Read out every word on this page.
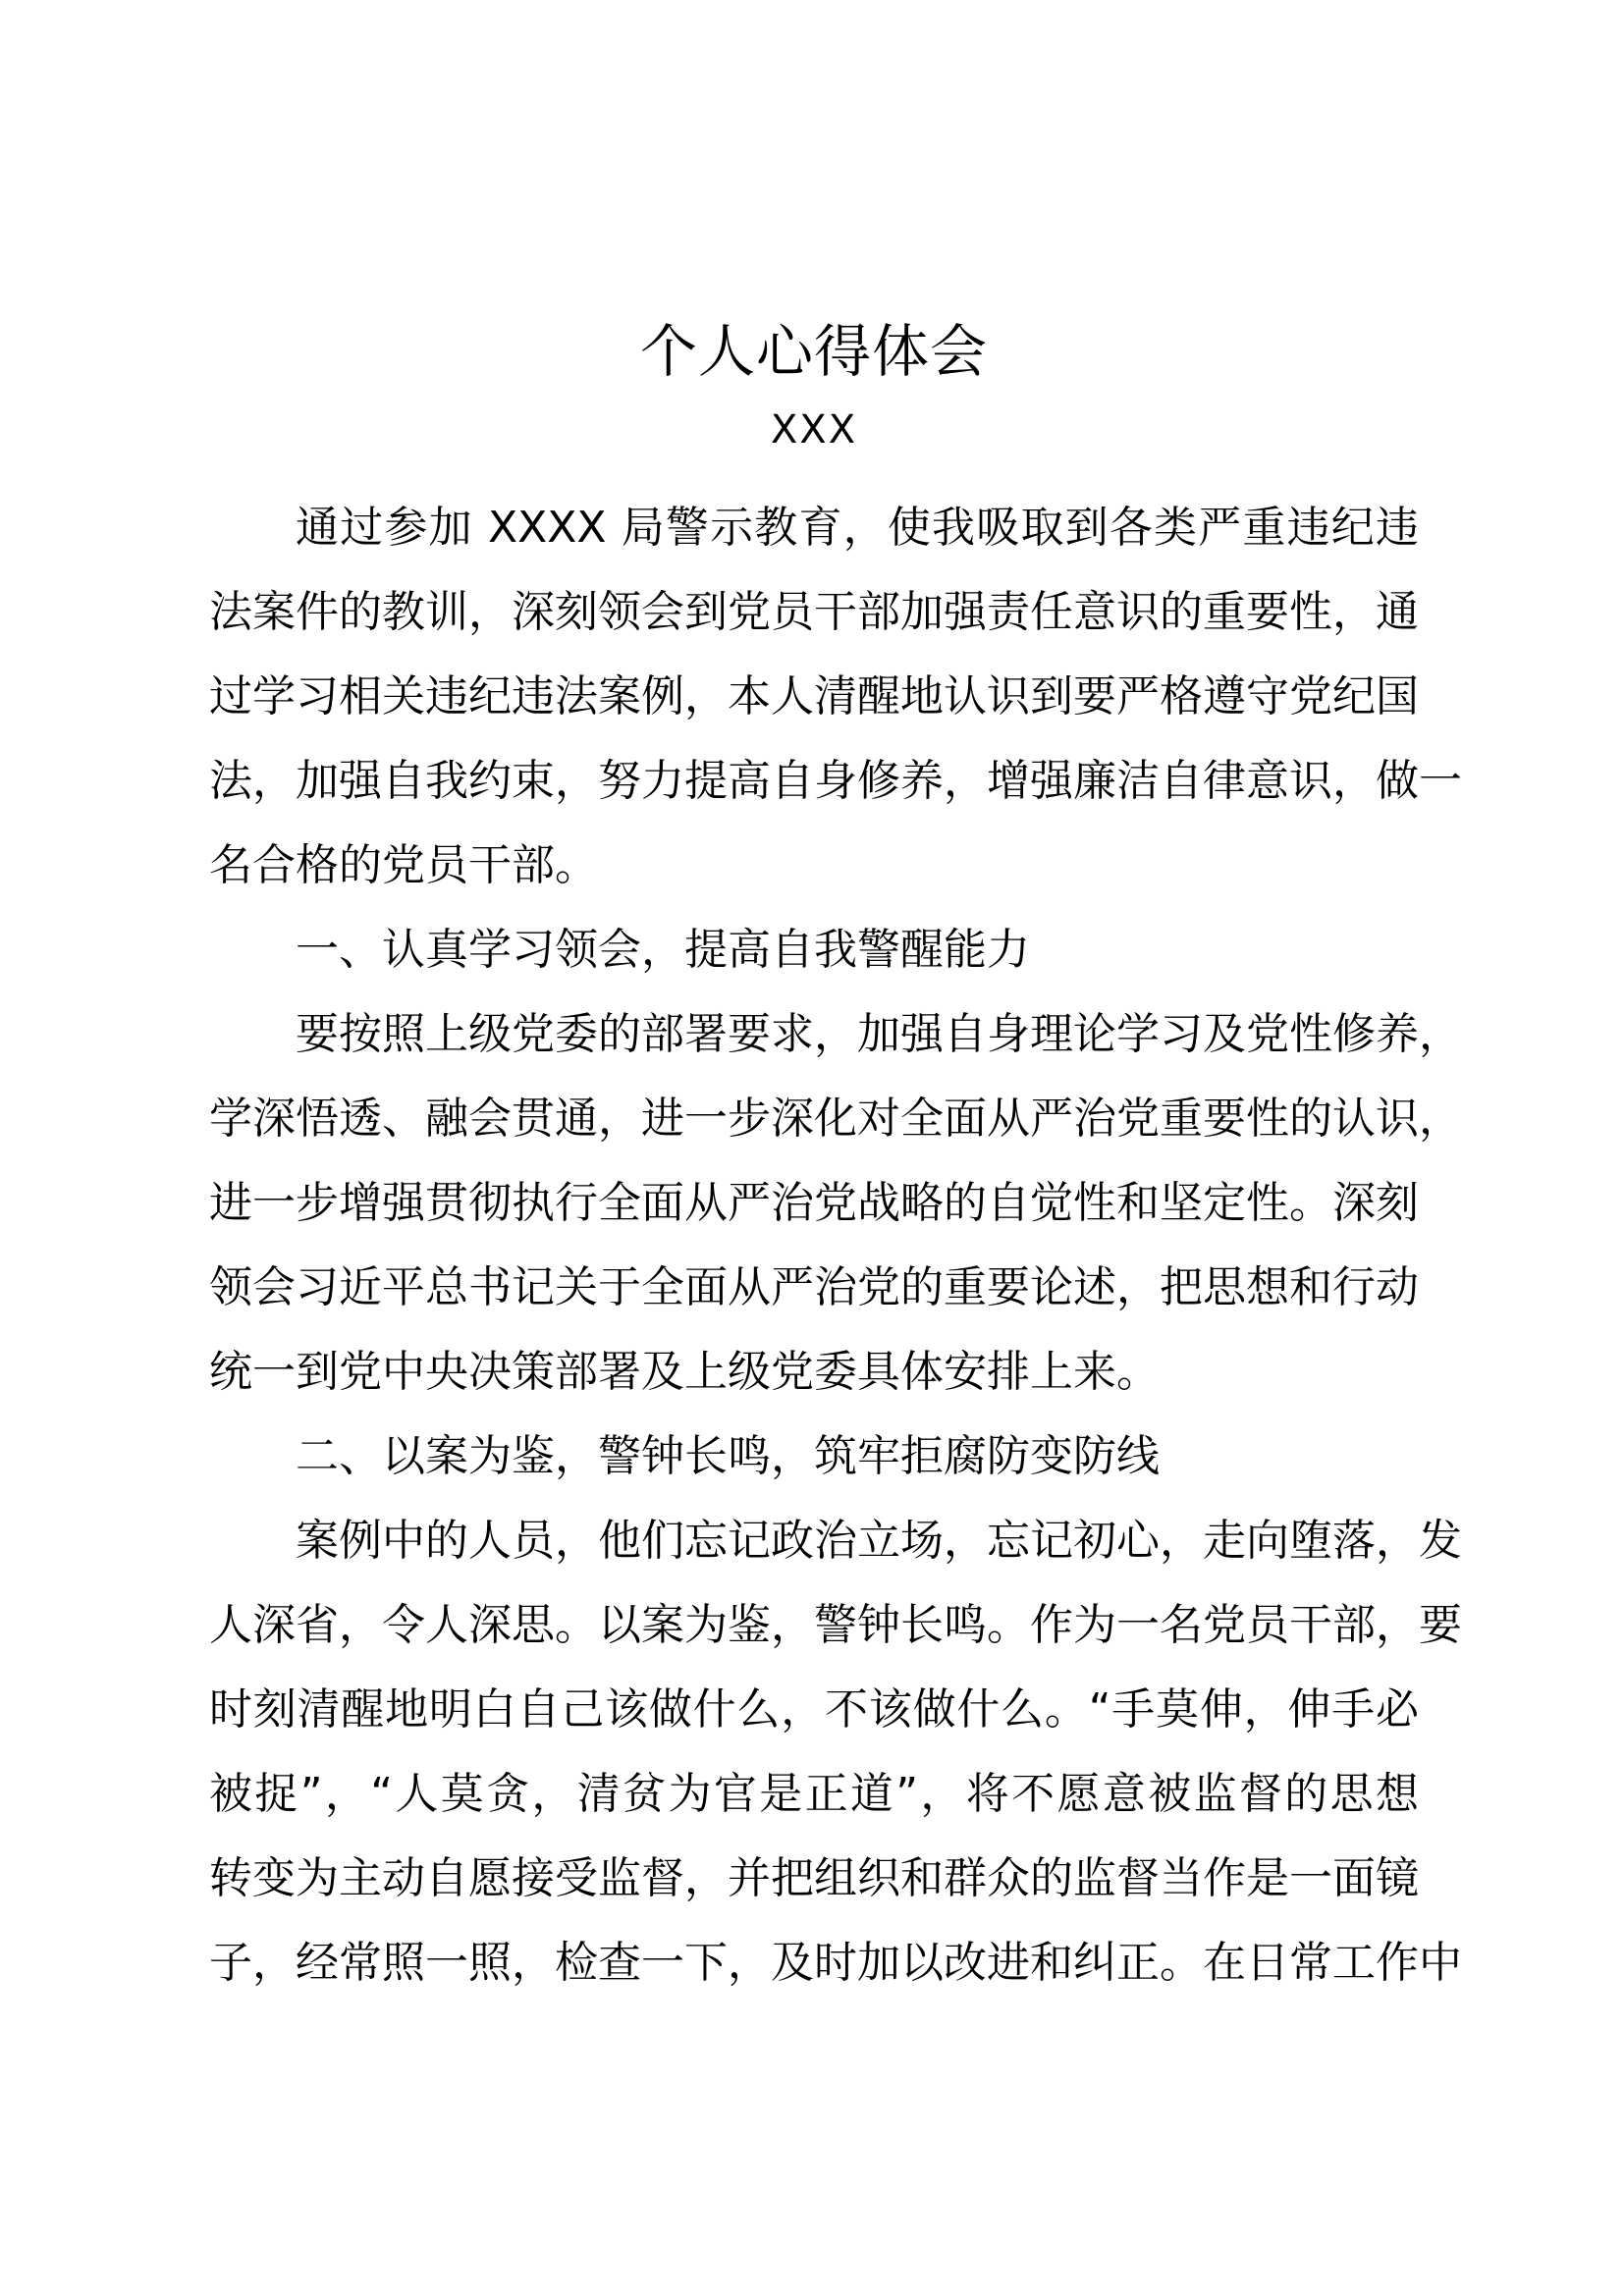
个人心得体会
XXX
通过参加 XXXX 局警示教育，使我吸取到各类严重违纪违
法案件的教训，深刻领会到党员干部加强责任意识的重要性，通
过学习相关违纪违法案例，本人清醒地认识到要严格遵守党纪国
法，加强自我约束，努力提高自身修养，增强廉洁自律意识，做一
名合格的党员干部。
一、认真学习领会，提高自我警醒能力
要按照上级党委的部署要求，加强自身理论学习及党性修养，
学深悟透、融会贯通，进一步深化对全面从严治党重要性的认识，
进一步增强贯彻执行全面从严治党战略的自觉性和坚定性。深刻
领会习近平总书记关于全面从严治党的重要论述，把思想和行动
统一到党中央决策部署及上级党委具体安排上来。
二、以案为鉴，警钟长鸣，筑牢拒腐防变防线
案例中的人员，他们忘记政治立场，忘记初心，走向堕落，发
人深省，令人深思。以案为鉴，警钟长鸣。作为一名党员干部，要
时刻清醒地明白自己该做什么，不该做什么。“手莫伸，伸手必
被捉”，“人莫贪，清贫为官是正道”，将不愿意被监督的思想
转变为主动自愿接受监督，并把组织和群众的监督当作是一面镜
子，经常照一照，检查一下，及时加以改进和纠正。在日常工作中
